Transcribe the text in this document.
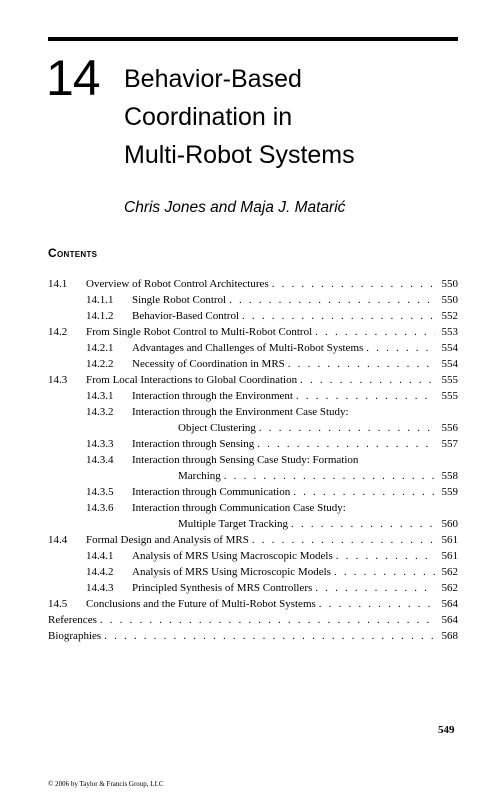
14 Behavior-Based
Coordination in
Multi-Robot Systems
Chris Jones and Maja J. Matarić
Contents
14.1 Overview of Robot Control Architectures . . .	550
14.1.1 Single Robot Control . . .	550
14.1.2 Behavior-Based Control . . .	552
14.2 From Single Robot Control to Multi-Robot Control . . .	553
14.2.1 Advantages and Challenges of Multi-Robot Systems . . .	554
14.2.2 Necessity of Coordination in MRS . . .	554
14.3 From Local Interactions to Global Coordination . . .	555
14.3.1 Interaction through the Environment . . .	555
14.3.2 Interaction through the Environment Case Study:
Object Clustering . . .	556
14.3.3 Interaction through Sensing . . .	557
14.3.4 Interaction through Sensing Case Study: Formation
Marching . . .	558
14.3.5 Interaction through Communication . . .	559
14.3.6 Interaction through Communication Case Study:
Multiple Target Tracking . . .	560
14.4 Formal Design and Analysis of MRS . . .	561
14.4.1 Analysis of MRS Using Macroscopic Models . . .	561
14.4.2 Analysis of MRS Using Microscopic Models . . .	562
14.4.3 Principled Synthesis of MRS Controllers . . .	562
14.5 Conclusions and the Future of Multi-Robot Systems . . .	564
References . . .	564
Biographies . . .	568
549
© 2006 by Taylor & Francis Group, LLC
